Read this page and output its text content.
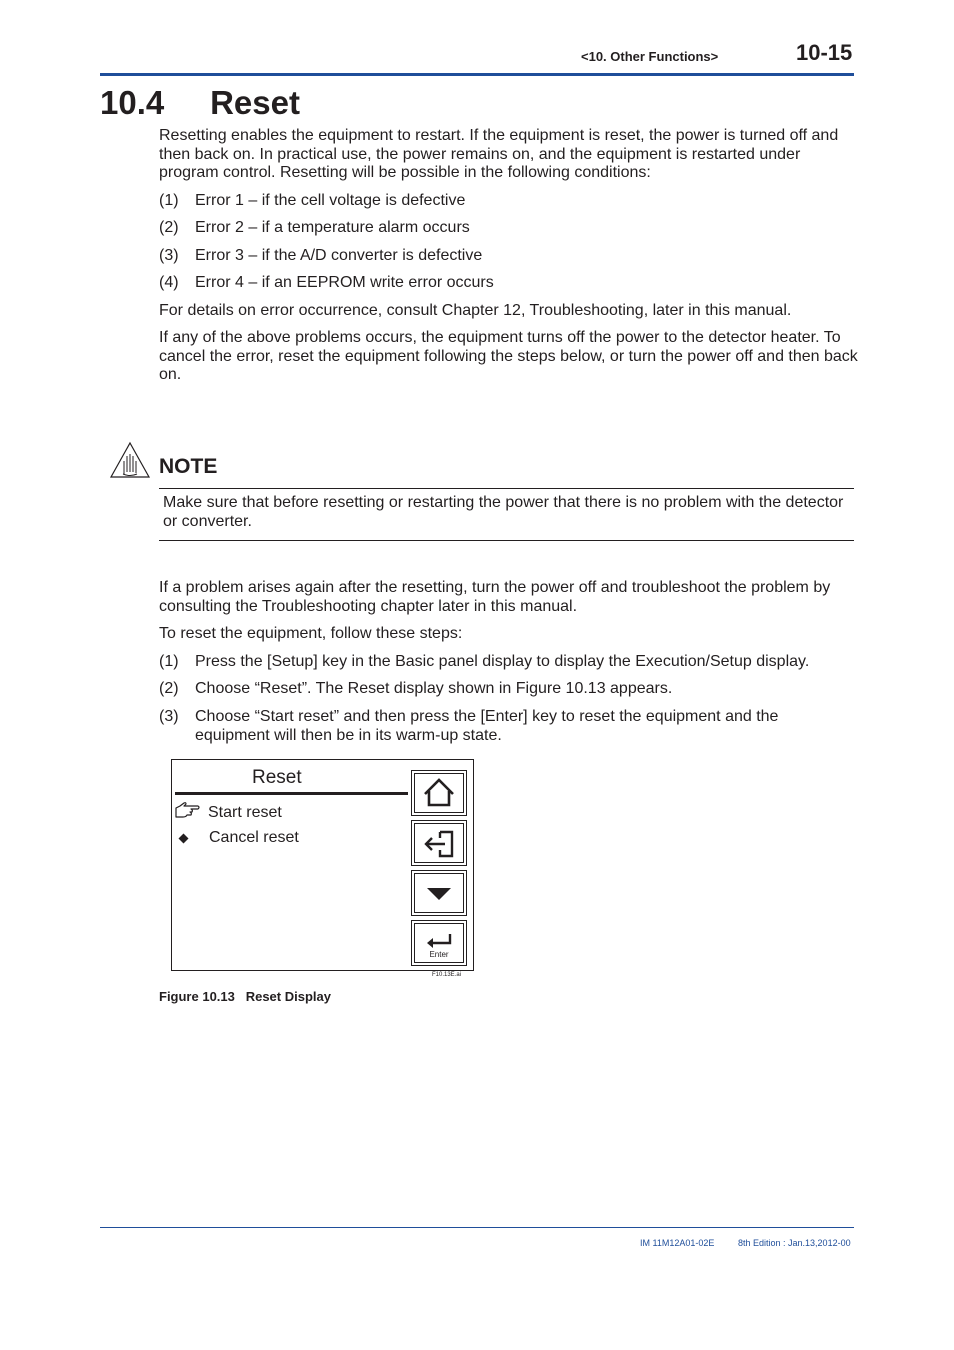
<10. Other Functions>	10-15
10.4     Reset
Resetting enables the equipment to restart. If the equipment is reset, the power is turned off and then back on. In practical use, the power remains on, and the equipment is restarted under program control. Resetting will be possible in the following conditions:
(1) Error 1 – if the cell voltage is defective
(2) Error 2 – if a temperature alarm occurs
(3) Error 3 – if the A/D converter is defective
(4) Error 4 – if an EEPROM write error occurs
For details on error occurrence, consult Chapter 12, Troubleshooting, later in this manual.
If any of the above problems occurs, the equipment turns off the power to the detector heater. To cancel the error, reset the equipment following the steps below, or turn the power off and then back on.
NOTE
Make sure that before resetting or restarting the power that there is no problem with the detector or converter.
If a problem arises again after the resetting, turn the power off and troubleshoot the problem by consulting the Troubleshooting chapter later in this manual.
To reset the equipment, follow these steps:
(1) Press the [Setup] key in the Basic panel display to display the Execution/Setup display.
(2) Choose “Reset”. The Reset display shown in Figure 10.13 appears.
(3) Choose “Start reset” and then press the [Enter] key to reset the equipment and the equipment will then be in its warm-up state.
Reset
Start reset
Cancel reset
Enter
F10.13E.ai
Figure 10.13   Reset Display
IM 11M12A01-02E	8th Edition : Jan.13,2012-00
